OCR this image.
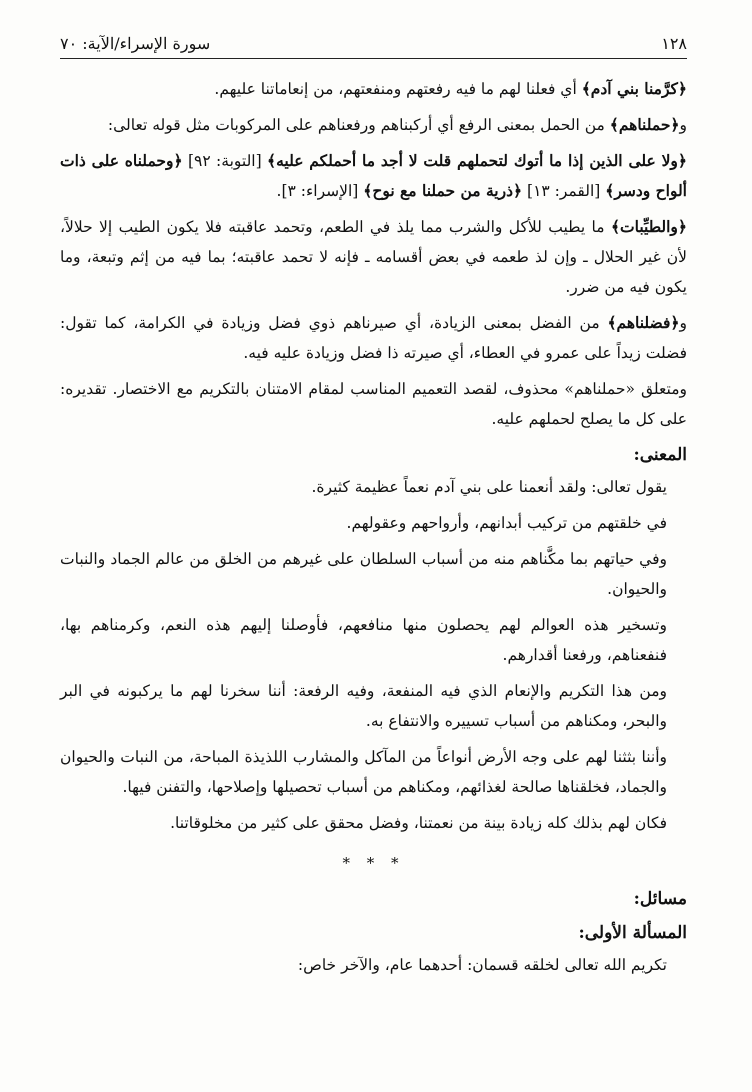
١٢٨
سورة الإسراء/الآية: ٧٠

﴿كرَّمنا بني آدم﴾ أي فعلنا لهم ما فيه رفعتهم ومنفعتهم، من إنعاماتنا عليهم.

و﴿حملناهم﴾ من الحمل بمعنى الرفع أي أركبناهم ورفعناهم على المركوبات مثل قوله تعالى:

﴿ولا على الذين إذا ما أتوك لتحملهم قلت لا أجد ما أحملكم عليه﴾ [التوبة: ٩٢] ﴿وحملناه على ذات ألواح ودسر﴾ [القمر: ١٣] ﴿ذرية من حملنا مع نوح﴾ [الإسراء: ٣].

﴿والطيِّبات﴾ ما يطيب للأكل والشرب مما يلذ في الطعم، وتحمد عاقبته فلا يكون الطيب إلا حلالاً، لأن غير الحلال ـ وإن لذ طعمه في بعض أقسامه ـ فإنه لا تحمد عاقبته؛ بما فيه من إثم وتبعة، وما يكون فيه من ضرر.

و﴿فضلناهم﴾ من الفضل بمعنى الزيادة، أي صيرناهم ذوي فضل وزيادة في الكرامة، كما تقول: فضلت زيداً على عمرو في العطاء، أي صيرته ذا فضل وزيادة عليه فيه.

ومتعلق «حملناهم» محذوف، لقصد التعميم المناسب لمقام الامتنان بالتكريم مع الاختصار. تقديره: على كل ما يصلح لحملهم عليه.

المعنى:

يقول تعالى: ولقد أنعمنا على بني آدم نعماً عظيمة كثيرة.

في خلقتهم من تركيب أبدانهم، وأرواحهم وعقولهم.

وفي حياتهم بما مكَّناهم منه من أسباب السلطان على غيرهم من الخلق من عالم الجماد والنبات والحيوان.

وتسخير هذه العوالم لهم يحصلون منها منافعهم، فأوصلنا إليهم هذه النعم، وكرمناهم بها، فنفعناهم، ورفعنا أقدارهم.

ومن هذا التكريم والإنعام الذي فيه المنفعة، وفيه الرفعة: أننا سخرنا لهم ما يركبونه في البر والبحر، ومكناهم من أسباب تسييره والانتفاع به.

وأننا بثثنا لهم على وجه الأرض أنواعاً من المآكل والمشارب اللذيذة المباحة، من النبات والحيوان والجماد، فخلقناها صالحة لغذائهم، ومكناهم من أسباب تحصيلها وإصلاحها، والتفنن فيها.

فكان لهم بذلك كله زيادة بينة من نعمتنا، وفضل محقق على كثير من مخلوقاتنا.

* * *
مسائل:
المسألة الأولى:

تكريم الله تعالى لخلقه قسمان: أحدهما عام، والآخر خاص:
